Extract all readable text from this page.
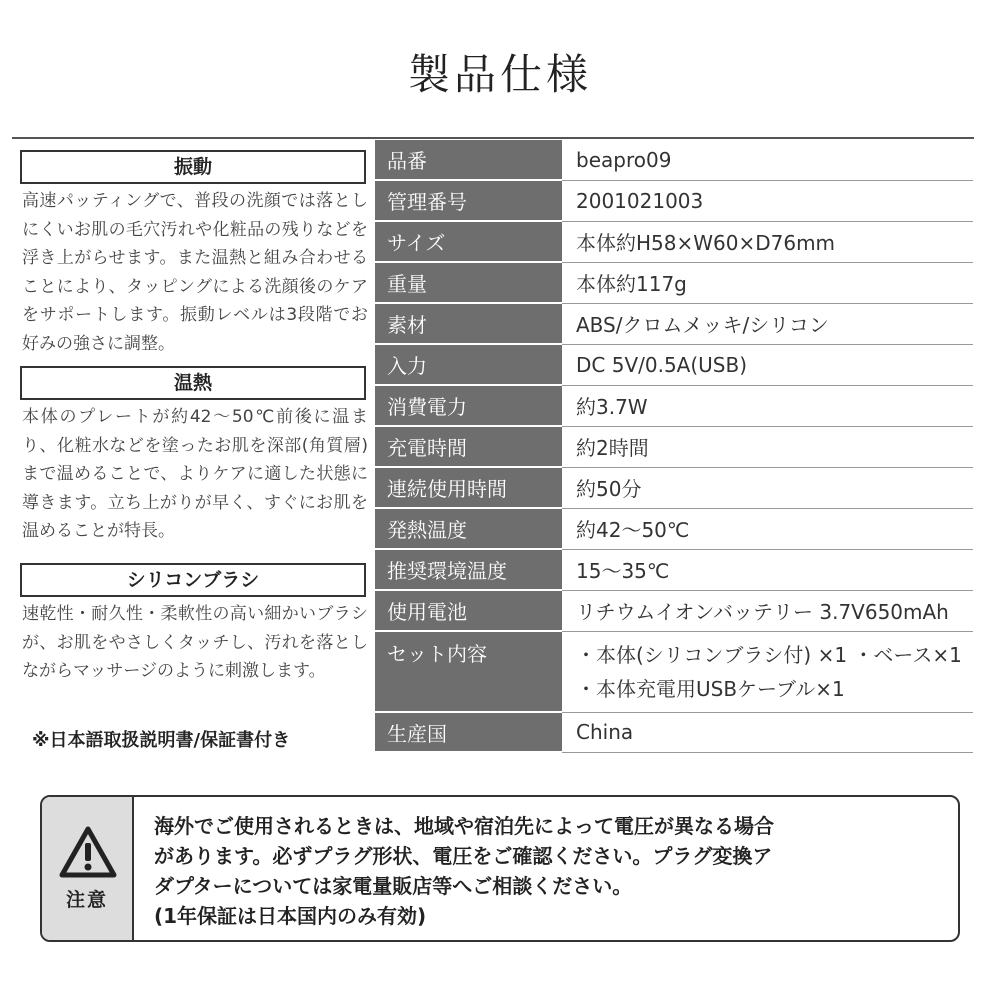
製品仕様
振動
高速パッティングで、普段の洗顔では落としにくいお肌の毛穴汚れや化粧品の残りなどを浮き上がらせます。また温熱と組み合わせることにより、タッピングによる洗顔後のケアをサポートします。振動レベルは3段階でお好みの強さに調整。
温熱
本体のプレートが約42～50℃前後に温まり、化粧水などを塗ったお肌を深部(角質層)まで温めることで、よりケアに適した状態に導きます。立ち上がりが早く、すぐにお肌を温めることが特長。
シリコンブラシ
速乾性・耐久性・柔軟性の高い細かいブラシが、お肌をやさしくタッチし、汚れを落としながらマッサージのように刺激します。
※日本語取扱説明書/保証書付き
品番	beapro09
管理番号	2001021003
サイズ	本体約H58×W60×D76mm
重量	本体約117g
素材	ABS/クロムメッキ/シリコン
入力	DC 5V/0.5A(USB)
消費電力	約3.7W
充電時間	約2時間
連続使用時間	約50分
発熱温度	約42～50℃
推奨環境温度	15～35℃
使用電池	リチウムイオンバッテリー 3.7V650mAh
セット内容	・本体(シリコンブラシ付) ×1 ・ベース×1
・本体充電用USBケーブル×1

生産国	China
注意
海外でご使用されるときは、地域や宿泊先によって電圧が異なる場合
があります。必ずプラグ形状、電圧をご確認ください。プラグ変換ア
ダプターについては家電量販店等へご相談ください。
(1年保証は日本国内のみ有効)
